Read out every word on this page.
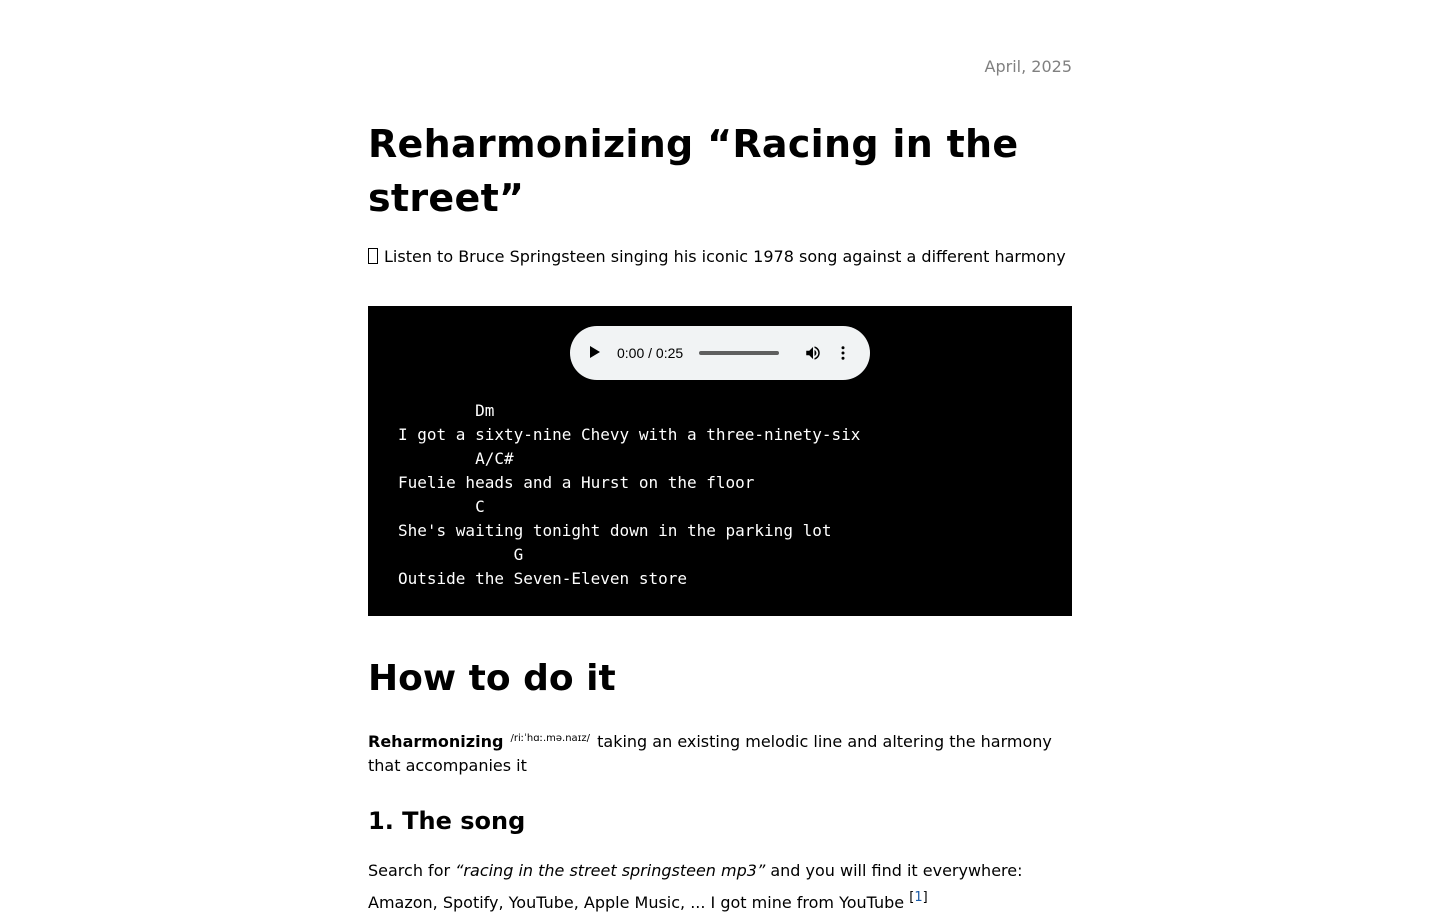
April, 2025

Reharmonizing “Racing in the street”

Listen to Bruce Springsteen singing his iconic 1978 song against a different harmony

0:00 / 0:25
Dm
I got a sixty-nine Chevy with a three-ninety-six
A/C#
Fuelie heads and a Hurst on the floor
C
She's waiting tonight down in the parking lot
G
Outside the Seven-Eleven store
How to do it

Reharmonizing $^{/riːˈhɑː.mə.naɪz/}$ taking an existing melodic line and altering the harmony that accompanies it

1. The song

Search for “racing in the street springsteen mp3” and you will find it everywhere: Amazon, Spotify, YouTube, Apple Music, ... I got mine from YouTube [1]
